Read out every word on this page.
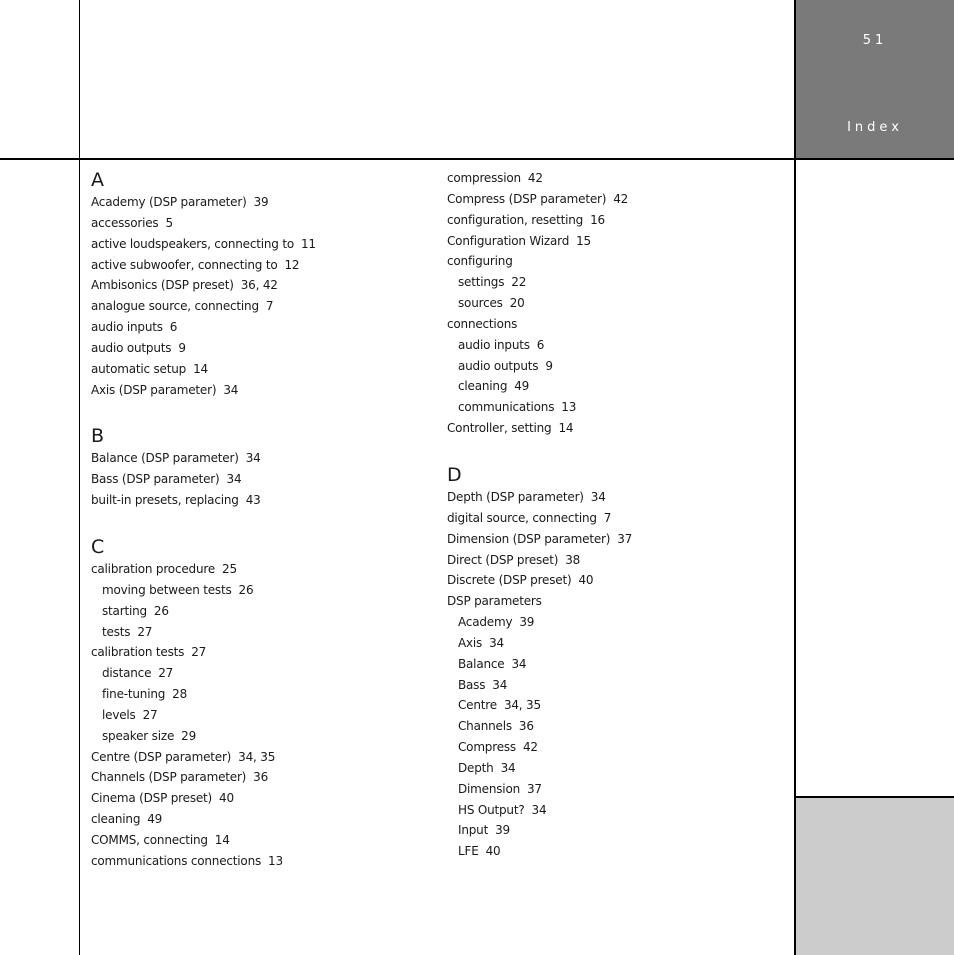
51
Index
A
Academy (DSP parameter) 39
accessories 5
active loudspeakers, connecting to 11
active subwoofer, connecting to 12
Ambisonics (DSP preset) 36, 42
analogue source, connecting 7
audio inputs 6
audio outputs 9
automatic setup 14
Axis (DSP parameter) 34
B
Balance (DSP parameter) 34
Bass (DSP parameter) 34
built-in presets, replacing 43
C
calibration procedure 25
moving between tests 26
starting 26
tests 27
calibration tests 27
distance 27
fine-tuning 28
levels 27
speaker size 29
Centre (DSP parameter) 34, 35
Channels (DSP parameter) 36
Cinema (DSP preset) 40
cleaning 49
COMMS, connecting 14
communications connections 13
compression 42
Compress (DSP parameter) 42
configuration, resetting 16
Configuration Wizard 15
configuring
settings 22
sources 20
connections
audio inputs 6
audio outputs 9
cleaning 49
communications 13
Controller, setting 14
D
Depth (DSP parameter) 34
digital source, connecting 7
Dimension (DSP parameter) 37
Direct (DSP preset) 38
Discrete (DSP preset) 40
DSP parameters
Academy 39
Axis 34
Balance 34
Bass 34
Centre 34, 35
Channels 36
Compress 42
Depth 34
Dimension 37
HS Output? 34
Input 39
LFE 40
